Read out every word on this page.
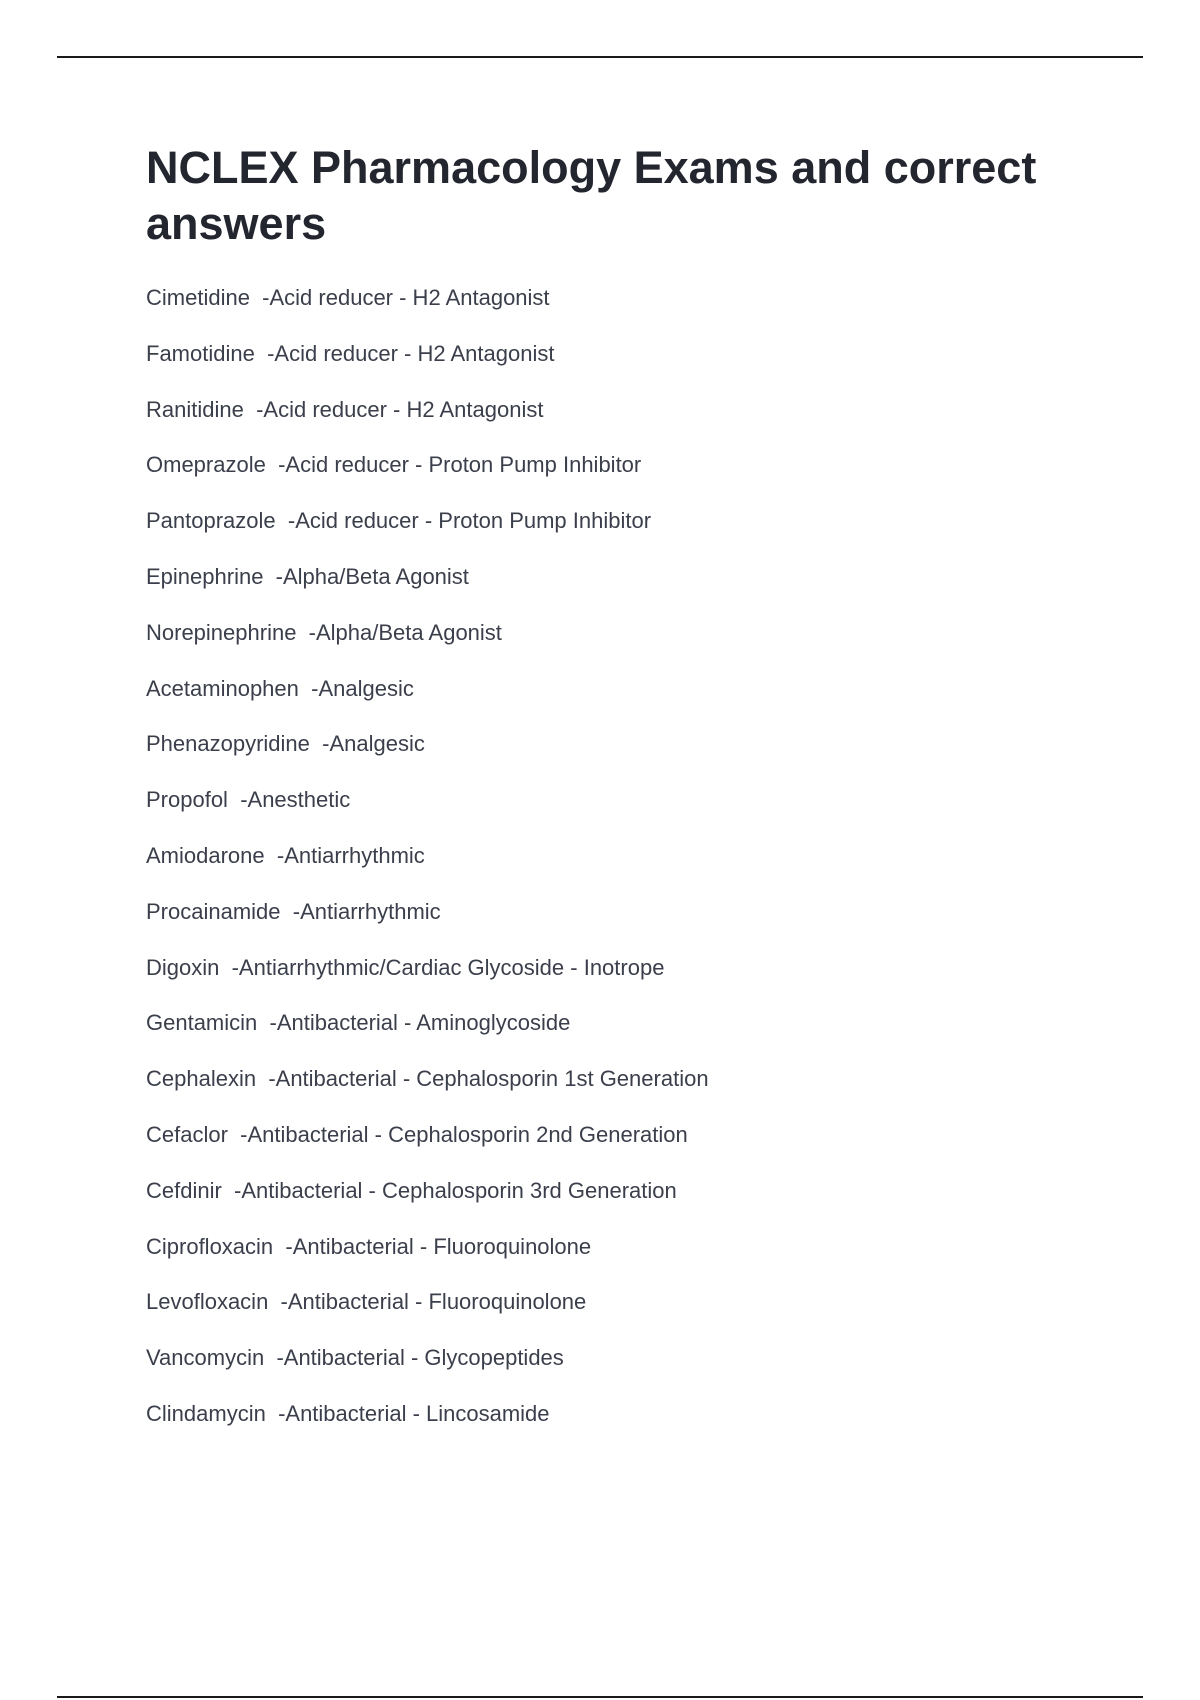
NCLEX Pharmacology Exams and correct answers
Cimetidine -Acid reducer - H2 Antagonist
Famotidine -Acid reducer - H2 Antagonist
Ranitidine -Acid reducer - H2 Antagonist
Omeprazole -Acid reducer - Proton Pump Inhibitor
Pantoprazole -Acid reducer - Proton Pump Inhibitor
Epinephrine -Alpha/Beta Agonist
Norepinephrine -Alpha/Beta Agonist
Acetaminophen -Analgesic
Phenazopyridine -Analgesic
Propofol -Anesthetic
Amiodarone -Antiarrhythmic
Procainamide -Antiarrhythmic
Digoxin -Antiarrhythmic/Cardiac Glycoside - Inotrope
Gentamicin -Antibacterial - Aminoglycoside
Cephalexin -Antibacterial - Cephalosporin 1st Generation
Cefaclor -Antibacterial - Cephalosporin 2nd Generation
Cefdinir -Antibacterial - Cephalosporin 3rd Generation
Ciprofloxacin -Antibacterial - Fluoroquinolone
Levofloxacin -Antibacterial - Fluoroquinolone
Vancomycin -Antibacterial - Glycopeptides
Clindamycin -Antibacterial - Lincosamide
